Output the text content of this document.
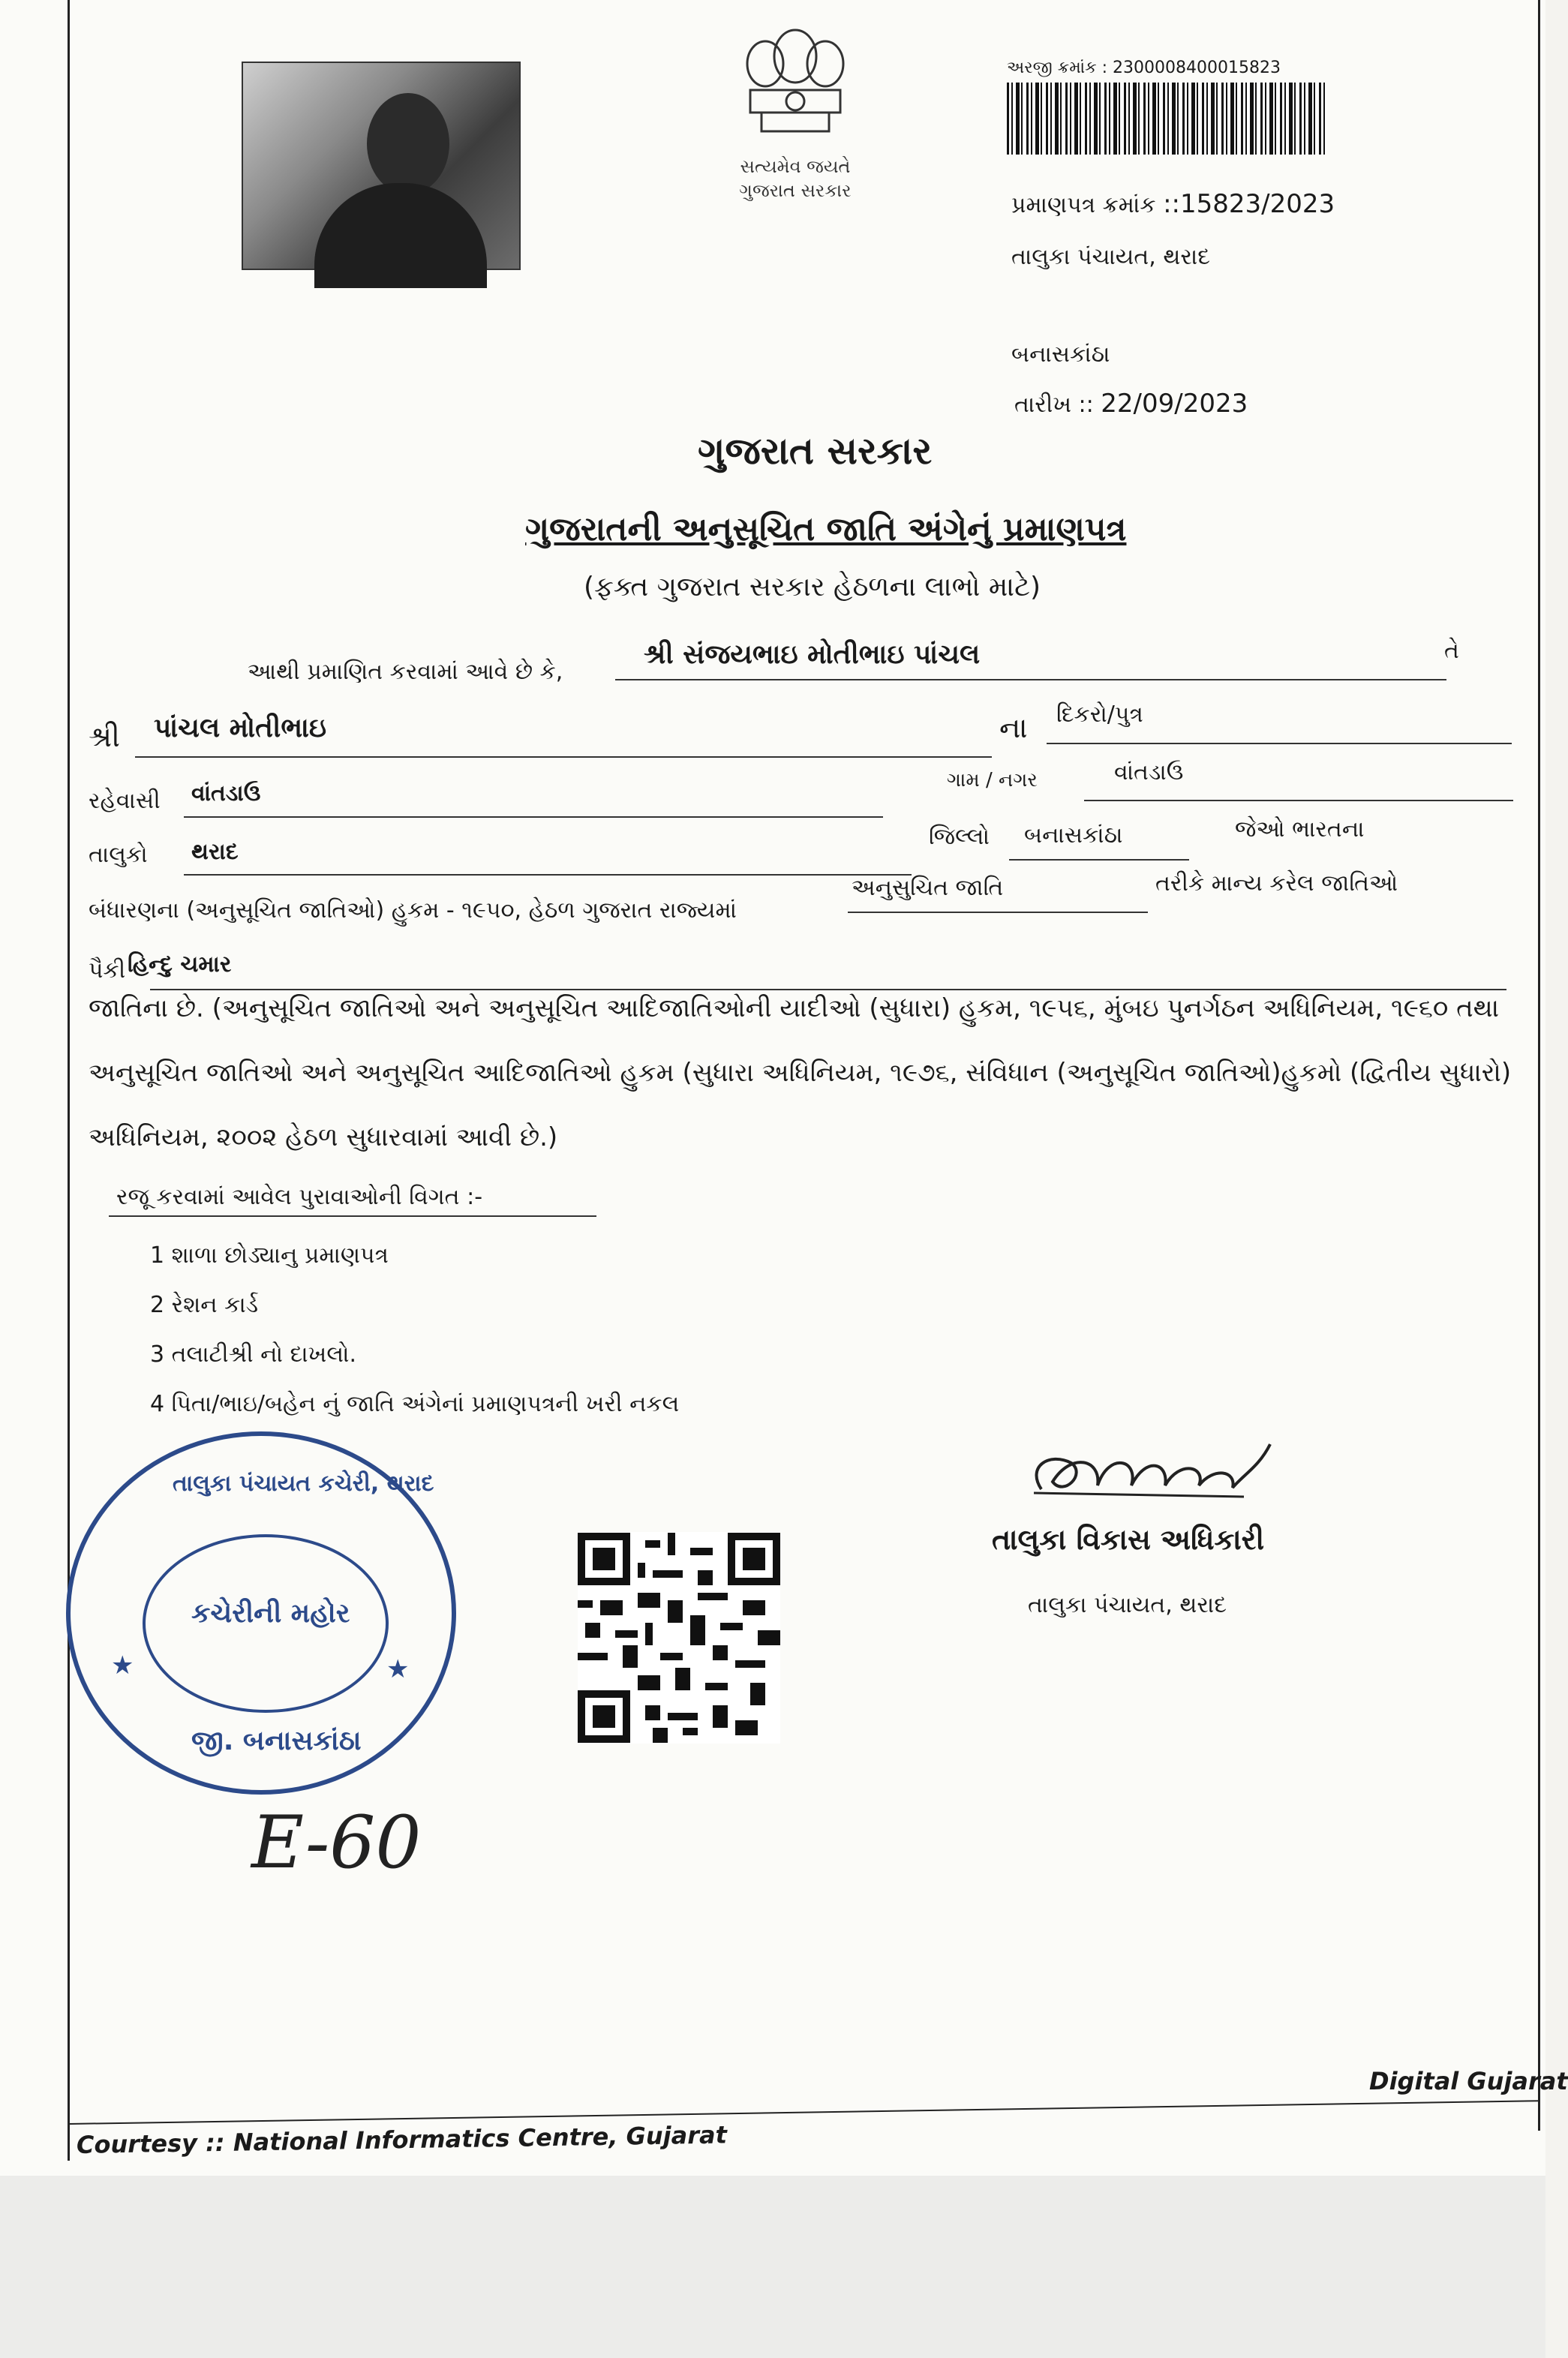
સત્યમેવ જયતે
ગુજરાત સરકાર
અરજી ક્રમાંક : 2300008400015823
પ્રમાણપત્ર ક્રમાંક ::15823/2023
તાલુકા પંચાયત, થરાદ
બનાસકાંઠા
તારીખ :: 22/09/2023
ગુજરાત સરકાર
ગુજરાતની અનુસૂચિત જાતિ અંગેનું પ્રમાણપત્ર
(ફક્ત ગુજરાત સરકાર હેઠળના લાભો માટે)
આથી પ્રમાણિત કરવામાં આવે છે કે,
શ્રી સંજયભાઇ મોતીભાઇ પાંચલ	તે
શ્રી પાંચલ મોતીભાઇ	ના દિકરો/પુત્ર
રહેવાસી વાંતડાઉ	ગામ / નગર	વાંતડાઉ
તાલુકો થરાદ
જિલ્લો બનાસકાંઠા	જેઓ ભારતના
બંધારણના (અનુસૂચિત જાતિઓ) હુકમ - ૧૯૫૦, હેઠળ ગુજરાત રાજ્યમાં
અનુસુચિત જાતિ	તરીકે માન્ય કરેલ જાતિઓ
પૈકી હિન્દુ ચમાર
જાતિના છે. (અનુસૂચિત જાતિઓ અને અનુસૂચિત આદિજાતિઓની યાદીઓ (સુધારા) હુકમ, ૧૯૫૬, મુંબઇ પુનર્ગઠન અધિનિયમ, ૧૯૬૦ તથા
અનુસૂચિત જાતિઓ અને અનુસૂચિત આદિજાતિઓ હુકમ (સુધારા અધિનિયમ, ૧૯૭૬, સંવિધાન (અનુસૂચિત જાતિઓ)હુકમો (દ્વિતીય સુધારો)
અધિનિયમ, ૨૦૦૨ હેઠળ સુધારવામાં આવી છે.)
રજૂ કરવામાં આવેલ પુરાવાઓની વિગત :-
1 શાળા છોડ્યાનુ પ્રમાણપત્ર
2 રેશન કાર્ડ
3 તલાટીશ્રી નો દાખલો.
4 પિતા/ભાઇ/બહેન નું જાતિ અંગેનાં પ્રમાણપત્રની ખરી નકલ
તાલુકા પંચાયત કચેરી, થરાદ
કચેરીની મહોર
જી. બનાસકાંઠા
★	★
E-60
તાલુકા વિકાસ અધિકારી
તાલુકા પંચાયત, થરાદ
Digital Gujarat
Courtesy :: National Informatics Centre, Gujarat
